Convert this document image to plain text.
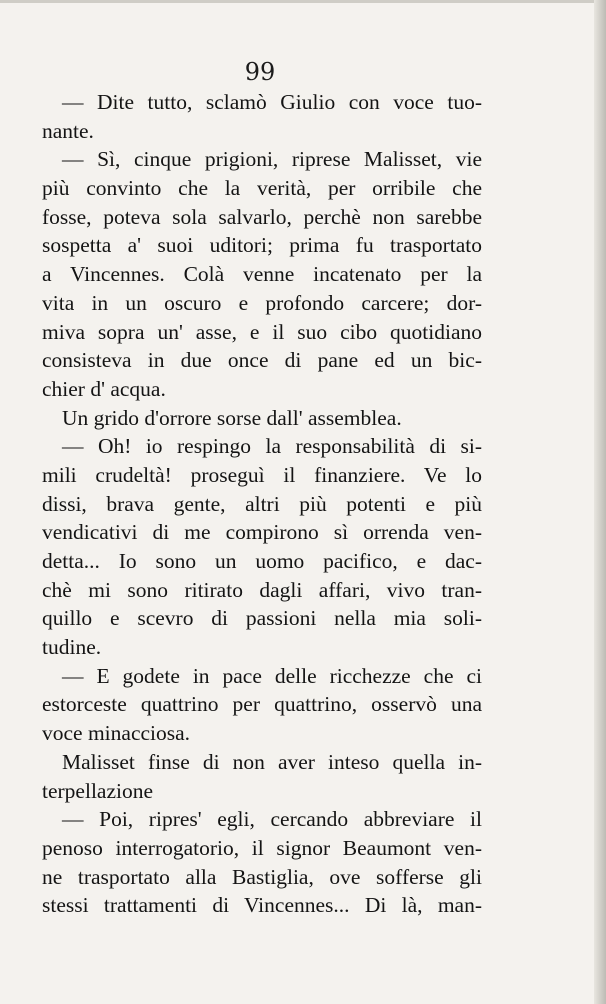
99
— Dite tutto, sclamò Giulio con voce tuo-
nante.
— Sì, cinque prigioni, riprese Malisset, vie
più convinto che la verità, per orribile che
fosse, poteva sola salvarlo, perchè non sarebbe
sospetta a' suoi uditori; prima fu trasportato
a Vincennes. Colà venne incatenato per la
vita in un oscuro e profondo carcere; dor-
miva sopra un' asse, e il suo cibo quotidiano
consisteva in due once di pane ed un bic-
chier d' acqua.
Un grido d'orrore sorse dall' assemblea.
— Oh! io respingo la responsabilità di si-
mili crudeltà! proseguì il finanziere. Ve lo
dissi, brava gente, altri più potenti e più
vendicativi di me compirono sì orrenda ven-
detta... Io sono un uomo pacifico, e dac-
chè mi sono ritirato dagli affari, vivo tran-
quillo e scevro di passioni nella mia soli-
tudine.
— E godete in pace delle ricchezze che ci
estorceste quattrino per quattrino, osservò una
voce minacciosa.
Malisset finse di non aver inteso quella in-
terpellazione
— Poi, ripres' egli, cercando abbreviare il
penoso interrogatorio, il signor Beaumont ven-
ne trasportato alla Bastiglia, ove sofferse gli
stessi trattamenti di Vincennes... Di là, man-
